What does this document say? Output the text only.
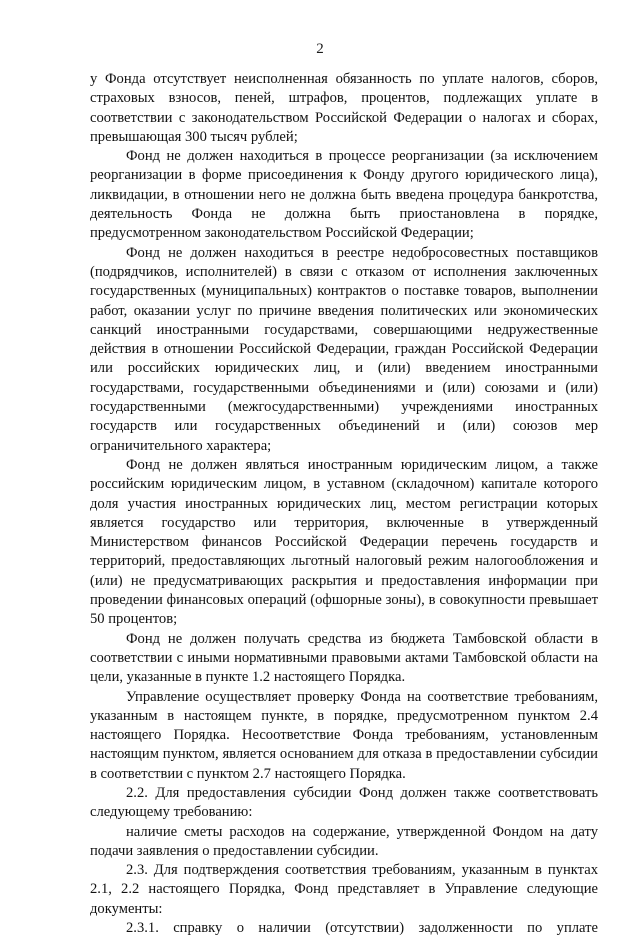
2

у Фонда отсутствует неисполненная обязанность по уплате налогов, сборов, страховых взносов, пеней, штрафов, процентов, подлежащих уплате в соответствии с законодательством Российской Федерации о налогах и сборах, превышающая 300 тысяч рублей;

Фонд не должен находиться в процессе реорганизации (за исключением реорганизации в форме присоединения к Фонду другого юридического лица), ликвидации, в отношении него не должна быть введена процедура банкротства, деятельность Фонда не должна быть приостановлена в порядке, предусмотренном законодательством Российской Федерации;

Фонд не должен находиться в реестре недобросовестных поставщиков (подрядчиков, исполнителей) в связи с отказом от исполнения заключенных государственных (муниципальных) контрактов о поставке товаров, выполнении работ, оказании услуг по причине введения политических или экономических санкций иностранными государствами, совершающими недружественные действия в отношении Российской Федерации, граждан Российской Федерации или российских юридических лиц, и (или) введением иностранными государствами, государственными объединениями и (или) союзами и (или) государственными (межгосударственными) учреждениями иностранных государств или государственных объединений и (или) союзов мер ограничительного характера;

Фонд не должен являться иностранным юридическим лицом, а также российским юридическим лицом, в уставном (складочном) капитале которого доля участия иностранных юридических лиц, местом регистрации которых является государство или территория, включенные в утвержденный Министерством финансов Российской Федерации перечень государств и территорий, предоставляющих льготный налоговый режим налогообложения и (или) не предусматривающих раскрытия и предоставления информации при проведении финансовых операций (офшорные зоны), в совокупности превышает 50 процентов;

Фонд не должен получать средства из бюджета Тамбовской области в соответствии с иными нормативными правовыми актами Тамбовской области на цели, указанные в пункте 1.2 настоящего Порядка.

Управление осуществляет проверку Фонда на соответствие требованиям, указанным в настоящем пункте, в порядке, предусмотренном пунктом 2.4 настоящего Порядка. Несоответствие Фонда требованиям, установленным настоящим пунктом, является основанием для отказа в предоставлении субсидии в соответствии с пунктом 2.7 настоящего Порядка.

2.2. Для предоставления субсидии Фонд должен также соответствовать следующему требованию:

наличие сметы расходов на содержание, утвержденной Фондом на дату подачи заявления о предоставлении субсидии.

2.3. Для подтверждения соответствия требованиям, указанным в пунктах 2.1, 2.2 настоящего Порядка, Фонд представляет в Управление следующие документы:

2.3.1. справку о наличии (отсутствии) задолженности по уплате
